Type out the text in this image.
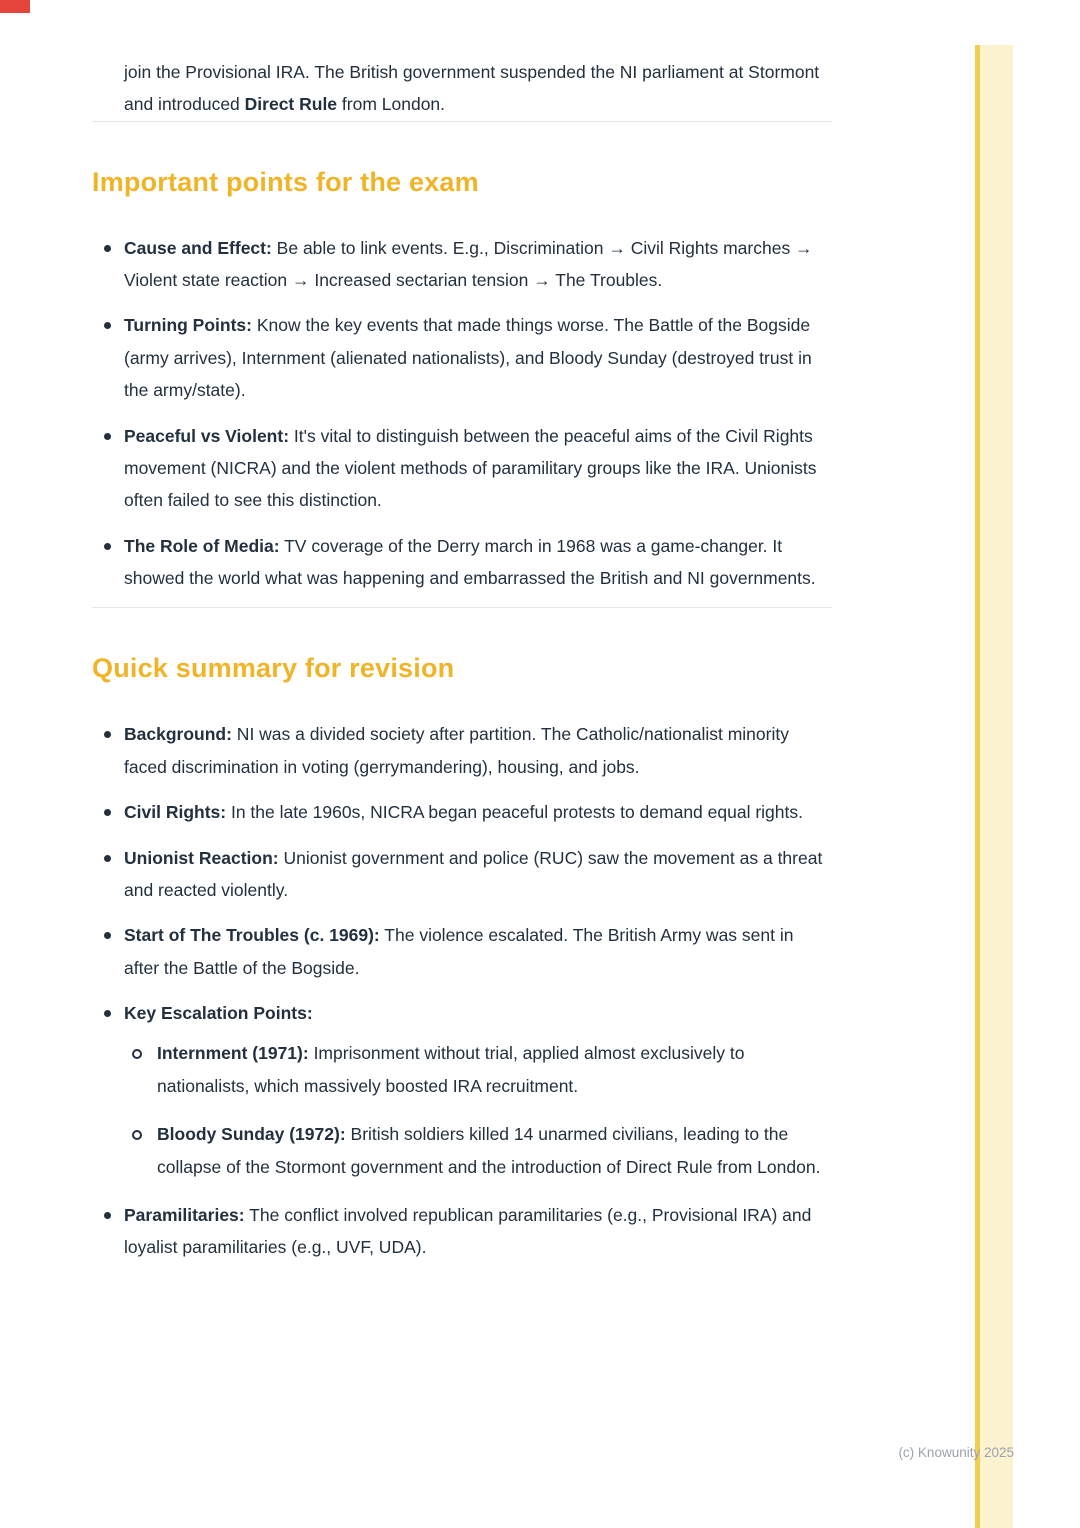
join the Provisional IRA. The British government suspended the NI parliament at Stormont and introduced Direct Rule from London.

Important points for the exam
Cause and Effect: Be able to link events. E.g., Discrimination → Civil Rights marches → Violent state reaction → Increased sectarian tension → The Troubles.
Turning Points: Know the key events that made things worse. The Battle of the Bogside (army arrives), Internment (alienated nationalists), and Bloody Sunday (destroyed trust in the army/state).
Peaceful vs Violent: It's vital to distinguish between the peaceful aims of the Civil Rights movement (NICRA) and the violent methods of paramilitary groups like the IRA. Unionists often failed to see this distinction.
The Role of Media: TV coverage of the Derry march in 1968 was a game-changer. It showed the world what was happening and embarrassed the British and NI governments.
Quick summary for revision
Background: NI was a divided society after partition. The Catholic/nationalist minority faced discrimination in voting (gerrymandering), housing, and jobs.
Civil Rights: In the late 1960s, NICRA began peaceful protests to demand equal rights.
Unionist Reaction: Unionist government and police (RUC) saw the movement as a threat and reacted violently.
Start of The Troubles (c. 1969): The violence escalated. The British Army was sent in after the Battle of the Bogside.
Key Escalation Points:
Internment (1971): Imprisonment without trial, applied almost exclusively to nationalists, which massively boosted IRA recruitment.
Bloody Sunday (1972): British soldiers killed 14 unarmed civilians, leading to the collapse of the Stormont government and the introduction of Direct Rule from London.
Paramilitaries: The conflict involved republican paramilitaries (e.g., Provisional IRA) and loyalist paramilitaries (e.g., UVF, UDA).
(c) Knowunity 2025
